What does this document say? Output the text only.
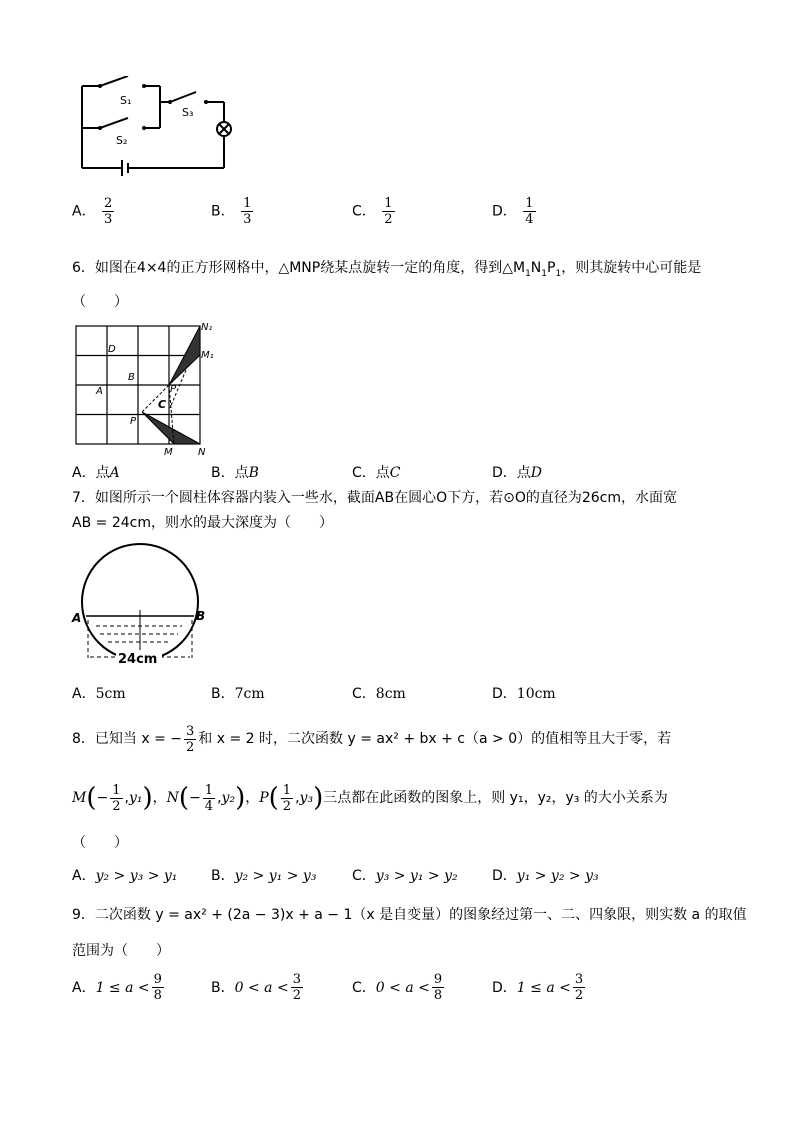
S₁
S₂
S₃
A． $\frac{2}{3}$	B． $\frac{1}{3}$	C． $\frac{1}{2}$	D． $\frac{1}{4}$
6．如图在4×4的正方形网格中，△MNP绕某点旋转一定的角度，得到$\triangle M_1N_1P_1$，则其旋转中心可能是
（　　）
N₁
M₁
P
B
A
C
D
P
M	N
A．点A	B．点B	C．点C	D．点D
7．如图所示一个圆柱体容器内装入一些水，截面AB在圆心O下方，若⊙O的直径为26cm，水面宽
AB = 24cm，则水的最大深度为（　　）
A	B
24cm
A．5cm	B．7cm	C．8cm	D．10cm
8．已知当 x = − $\frac{3}{2}$ 和 x = 2 时，二次函数 y = ax² + bx + c（a > 0）的值相等且大于零，若
M ( − $\frac{1}{2}$ , y₁ ) ， N ( − $\frac{1}{4}$ , y₂ ) ， P ( $\frac{1}{2}$ , y₃ ) 三点都在此函数的图象上，则 y₁，y₂，y₃ 的大小关系为
（　　）
A．y₂ > y₃ > y₁ B．y₂ > y₁ > y₃	C．y₃ > y₁ > y₂ D．y₁ > y₂ > y₃
9．二次函数 y = ax² + (2a − 3)x + a − 1（x 是自变量）的图象经过第一、二、四象限，则实数 a 的取值
范围为（　　）
A． $1 \le a < \frac{9}{8}$	B． $0 < a < \frac{3}{2}$	C． $0 < a < \frac{9}{8}$	D． $1 \le a < \frac{3}{2}$
